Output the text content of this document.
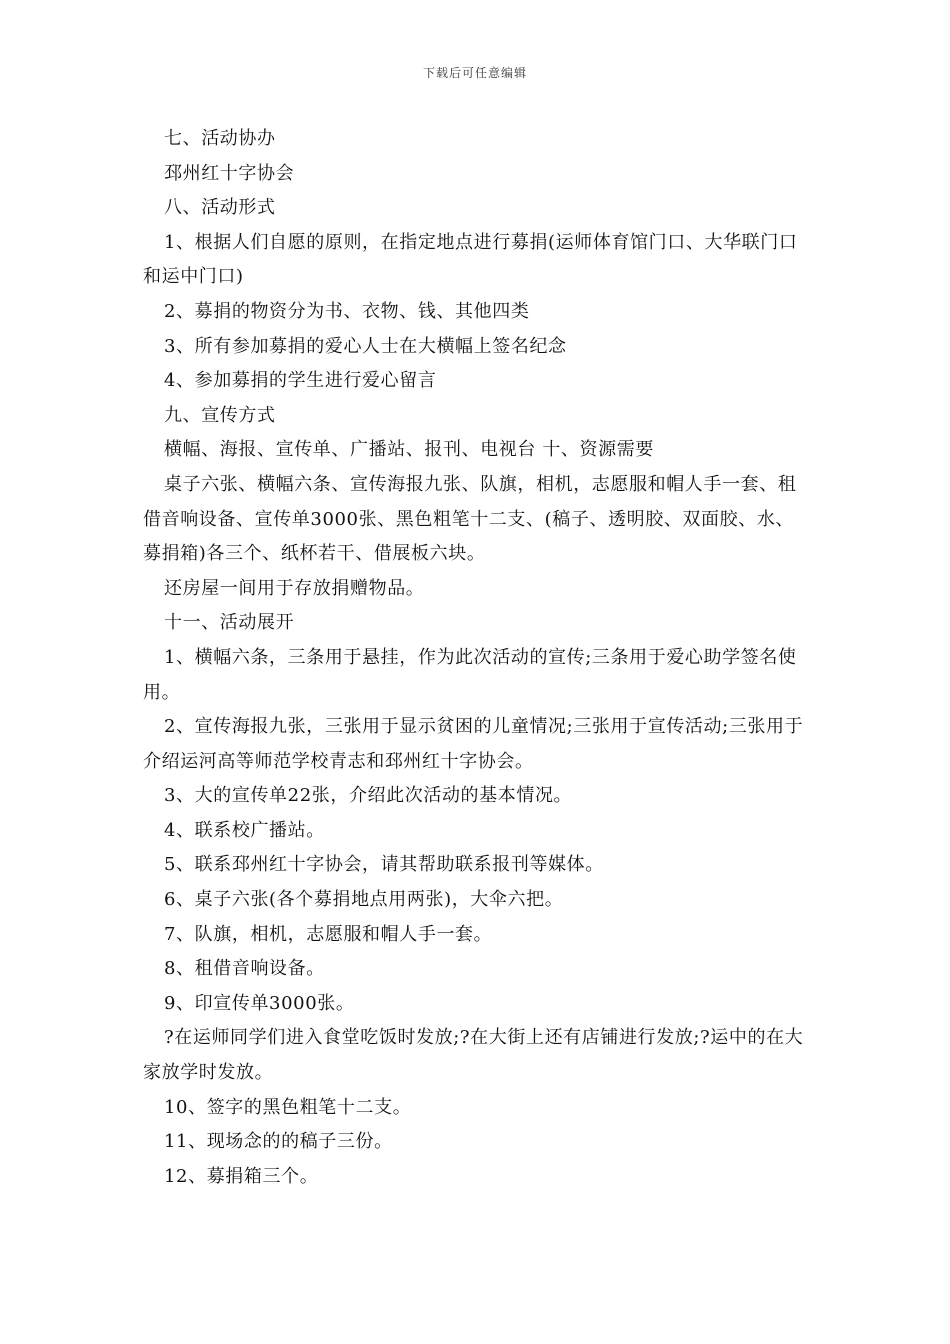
下载后可任意编辑

七、活动协办

邳州红十字协会

八、活动形式

1、根据人们自愿的原则，在指定地点进行募捐(运师体育馆门口、大华联门口和运中门口)

2、募捐的物资分为书、衣物、钱、其他四类

3、所有参加募捐的爱心人士在大横幅上签名纪念

4、参加募捐的学生进行爱心留言

九、宣传方式

横幅、海报、宣传单、广播站、报刊、电视台 十、资源需要

桌子六张、横幅六条、宣传海报九张、队旗，相机，志愿服和帽人手一套、租借音响设备、宣传单3000张、黑色粗笔十二支、(稿子、透明胶、双面胶、水、募捐箱)各三个、纸杯若干、借展板六块。

还房屋一间用于存放捐赠物品。

十一、活动展开

1、横幅六条，三条用于悬挂，作为此次活动的宣传;三条用于爱心助学签名使用。

2、宣传海报九张，三张用于显示贫困的儿童情况;三张用于宣传活动;三张用于介绍运河高等师范学校青志和邳州红十字协会。

3、大的宣传单22张，介绍此次活动的基本情况。

4、联系校广播站。

5、联系邳州红十字协会，请其帮助联系报刊等媒体。

6、桌子六张(各个募捐地点用两张)，大伞六把。

7、队旗，相机，志愿服和帽人手一套。

8、租借音响设备。

9、印宣传单3000张。

?在运师同学们进入食堂吃饭时发放;?在大街上还有店铺进行发放;?运中的在大家放学时发放。

10、签字的黑色粗笔十二支。

11、现场念的的稿子三份。

12、募捐箱三个。
